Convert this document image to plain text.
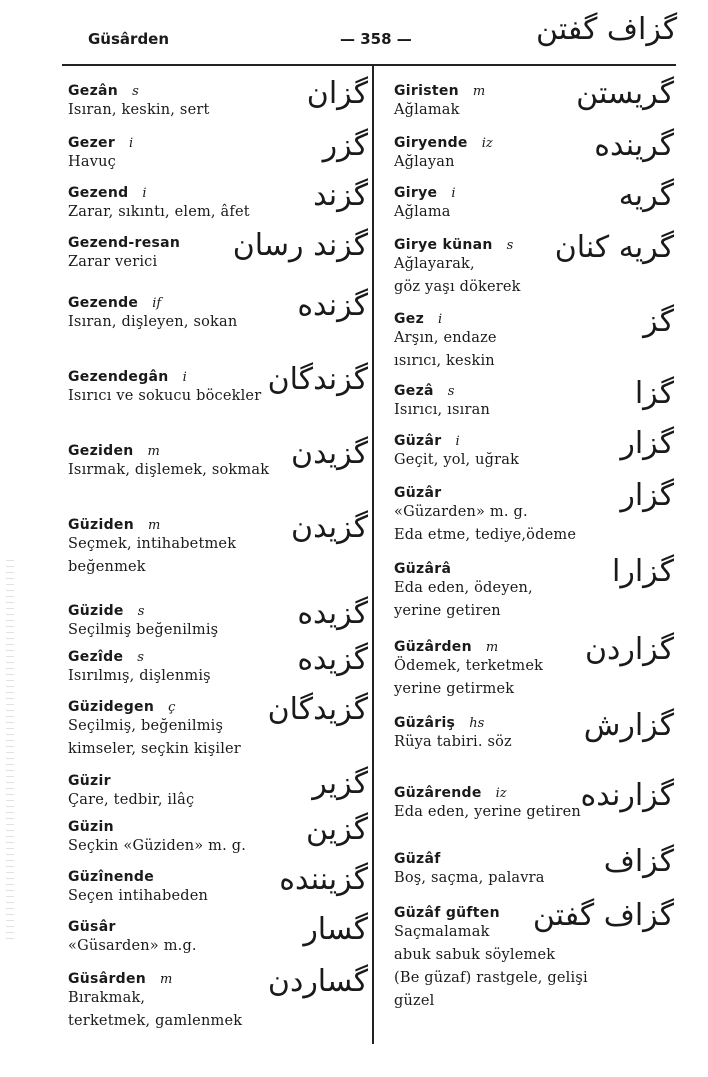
Güsârden	— 358 —	گزاف گفتن
Gezân s
Isıran, keskin, sert	گزان
Gezer i
Havuç	گزر
Gezend i
Zarar, sıkıntı, elem, âfet	گزند
Gezend-resan
Zarar verici	گزند رسان
Gezende if
Isıran, dişleyen, sokan	گزنده
Gezendegân i
Isırıcı ve sokucu böcekler گزندگان
Geziden m
Isırmak, dişlemek, sokmak گزیدن
Güziden m
Seçmek, intihabetmek
beğenmek
گزیدن
Güzide s
Seçilmiş beğenilmiş	گزیده
Gezîde s
Isırılmış, dişlenmiş	گزیده
Güzidegen ç
Seçilmiş, beğenilmiş
kimseler, seçkin kişiler
گزیدگان
Güzir
Çare, tedbir, ilâç	گزیر
Güzin
Seçkin «Güziden» m. g.	گزین
Güzînende
Seçen intihabeden	گزیننده
Güsâr
«Güsarden» m.g.	گسار
Güsârden m
Bırakmak,
terketmek, gamlenmek
گساردن
Giristen m
Ağlamak	گریستن
Giryende iz
Ağlayan	گرینده
Girye i
Ağlama	گریه
Girye künan s
Ağlayarak,
göz yaşı dökerek
گریه کنان
Gez i
Arşın, endaze
ısırıcı, keskin
گز
Gezâ s
Isırıcı, ısıran	گزا
Güzâr i
Geçit, yol, uğrak	گزار
Güzâr
«Güzarden» m. g.
Eda etme, tediye,ödeme
گزار
Güzârâ
Eda eden, ödeyen,
yerine getiren
گزارا
Güzârden m
Ödemek, terketmek
yerine getirmek
گزاردن
Güzâriş hs
Rüya tabiri. söz	گزارش
Güzârende iz
Eda eden, yerine getiren گزارنده
Güzâf
Boş, saçma, palavra	گزاف
Güzâf güften
Saçmalamak
abuk sabuk söylemek
(Be güzaf) rastgele, gelişi
güzel
گزاف گفتن
